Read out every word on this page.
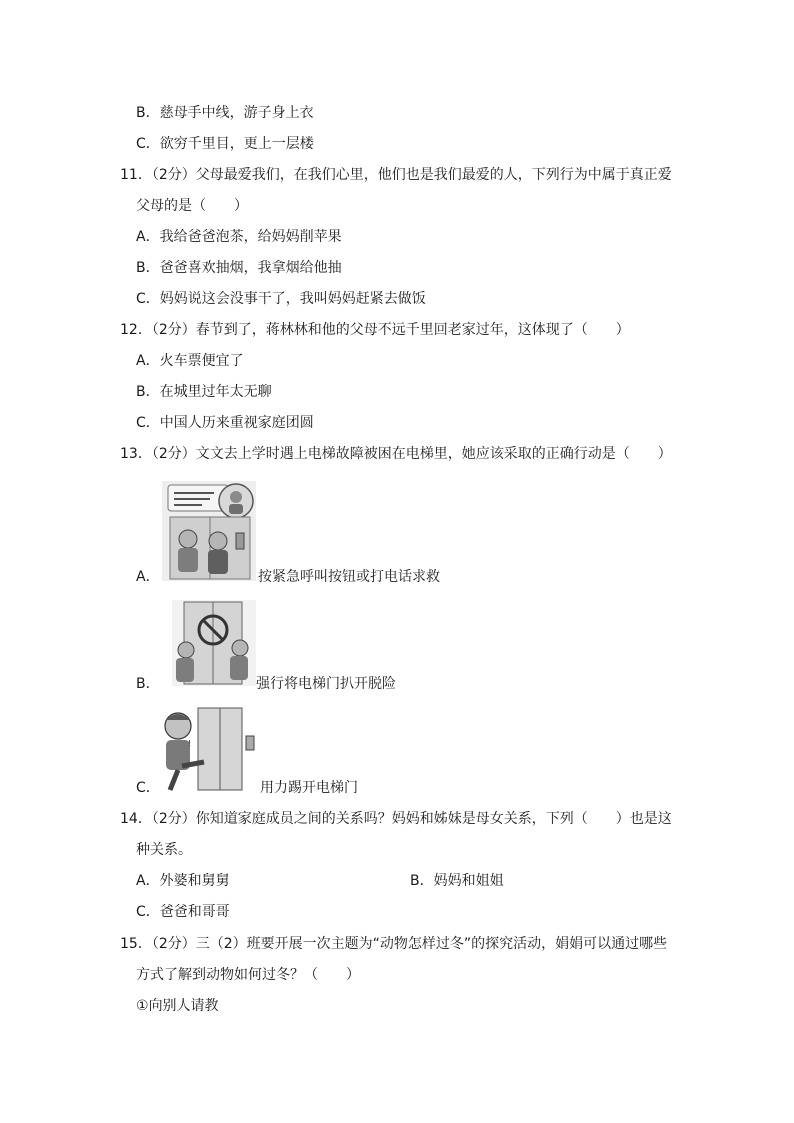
B．慈母手中线，游子身上衣
C．欲穷千里目，更上一层楼
11．（2分）父母最爱我们，在我们心里，他们也是我们最爱的人，下列行为中属于真正爱
父母的是（　　）
A．我给爸爸泡茶，给妈妈削苹果
B．爸爸喜欢抽烟，我拿烟给他抽
C．妈妈说这会没事干了，我叫妈妈赶紧去做饭
12．（2分）春节到了，蒋林林和他的父母不远千里回老家过年，这体现了（　　）
A．火车票便宜了
B．在城里过年太无聊
C．中国人历来重视家庭团圆
13．（2分）文文去上学时遇上电梯故障被困在电梯里，她应该采取的正确行动是（　　）
A．	按紧急呼叫按钮或打电话求救
B．	强行将电梯门扒开脱险
!
C．	用力踢开电梯门
14．（2分）你知道家庭成员之间的关系吗？妈妈和姊妹是母女关系，下列（　　）也是这
种关系。
A．外婆和舅舅	B．妈妈和姐姐
C．爸爸和哥哥
15．（2分）三（2）班要开展一次主题为“动物怎样过冬”的探究活动，娟娟可以通过哪些
方式了解到动物如何过冬？（　　）
①向别人请教
